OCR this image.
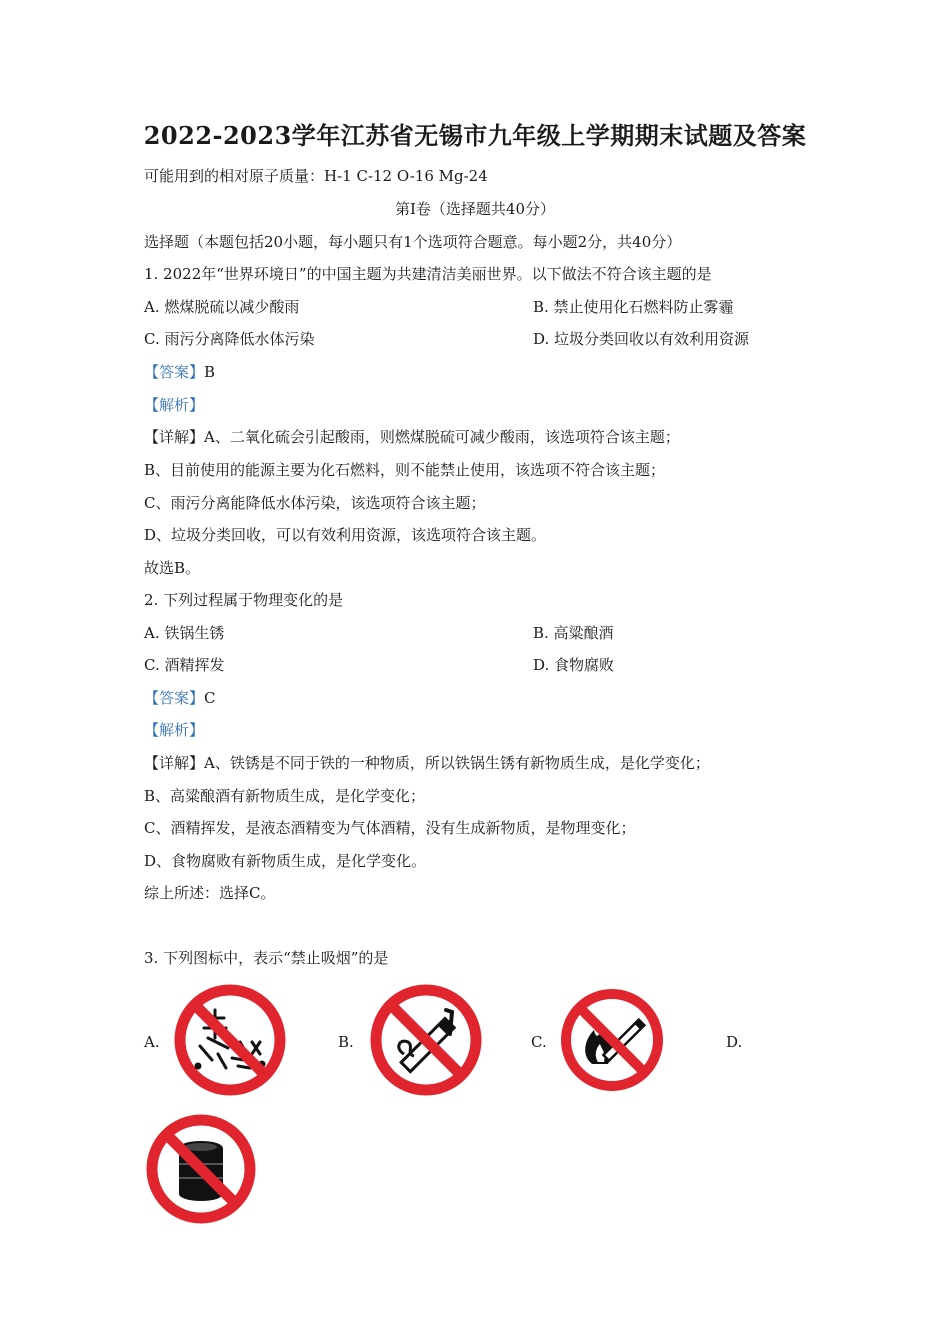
2022-2023学年江苏省无锡市九年级上学期期末试题及答案
可能用到的相对原子质量：H-1 C-12 O-16 Mg-24
第Ⅰ卷（选择题共40分）
选择题（本题包括20小题，每小题只有1个选项符合题意。每小题2分，共40分）
1. 2022年“世界环境日”的中国主题为共建清洁美丽世界。以下做法不符合该主题的是
A. 燃煤脱硫以减少酸雨	B. 禁止使用化石燃料防止雾霾
C. 雨污分离降低水体污染	D. 垃圾分类回收以有效利用资源
【答案】B
【解析】
【详解】A、二氧化硫会引起酸雨，则燃煤脱硫可减少酸雨，该选项符合该主题；
B、目前使用的能源主要为化石燃料，则不能禁止使用，该选项不符合该主题；
C、雨污分离能降低水体污染，该选项符合该主题；
D、垃圾分类回收，可以有效利用资源，该选项符合该主题。
故选B。
2. 下列过程属于物理变化的是
A. 铁锅生锈	B. 高粱酿酒
C. 酒精挥发	D. 食物腐败
【答案】C
【解析】
【详解】A、铁锈是不同于铁的一种物质，所以铁锅生锈有新物质生成，是化学变化；
B、高粱酿酒有新物质生成，是化学变化；
C、酒精挥发，是液态酒精变为气体酒精，没有生成新物质，是物理变化；
D、食物腐败有新物质生成，是化学变化。
综上所述：选择C。
3. 下列图标中，表示“禁止吸烟”的是
A.	B.	C.	D.
